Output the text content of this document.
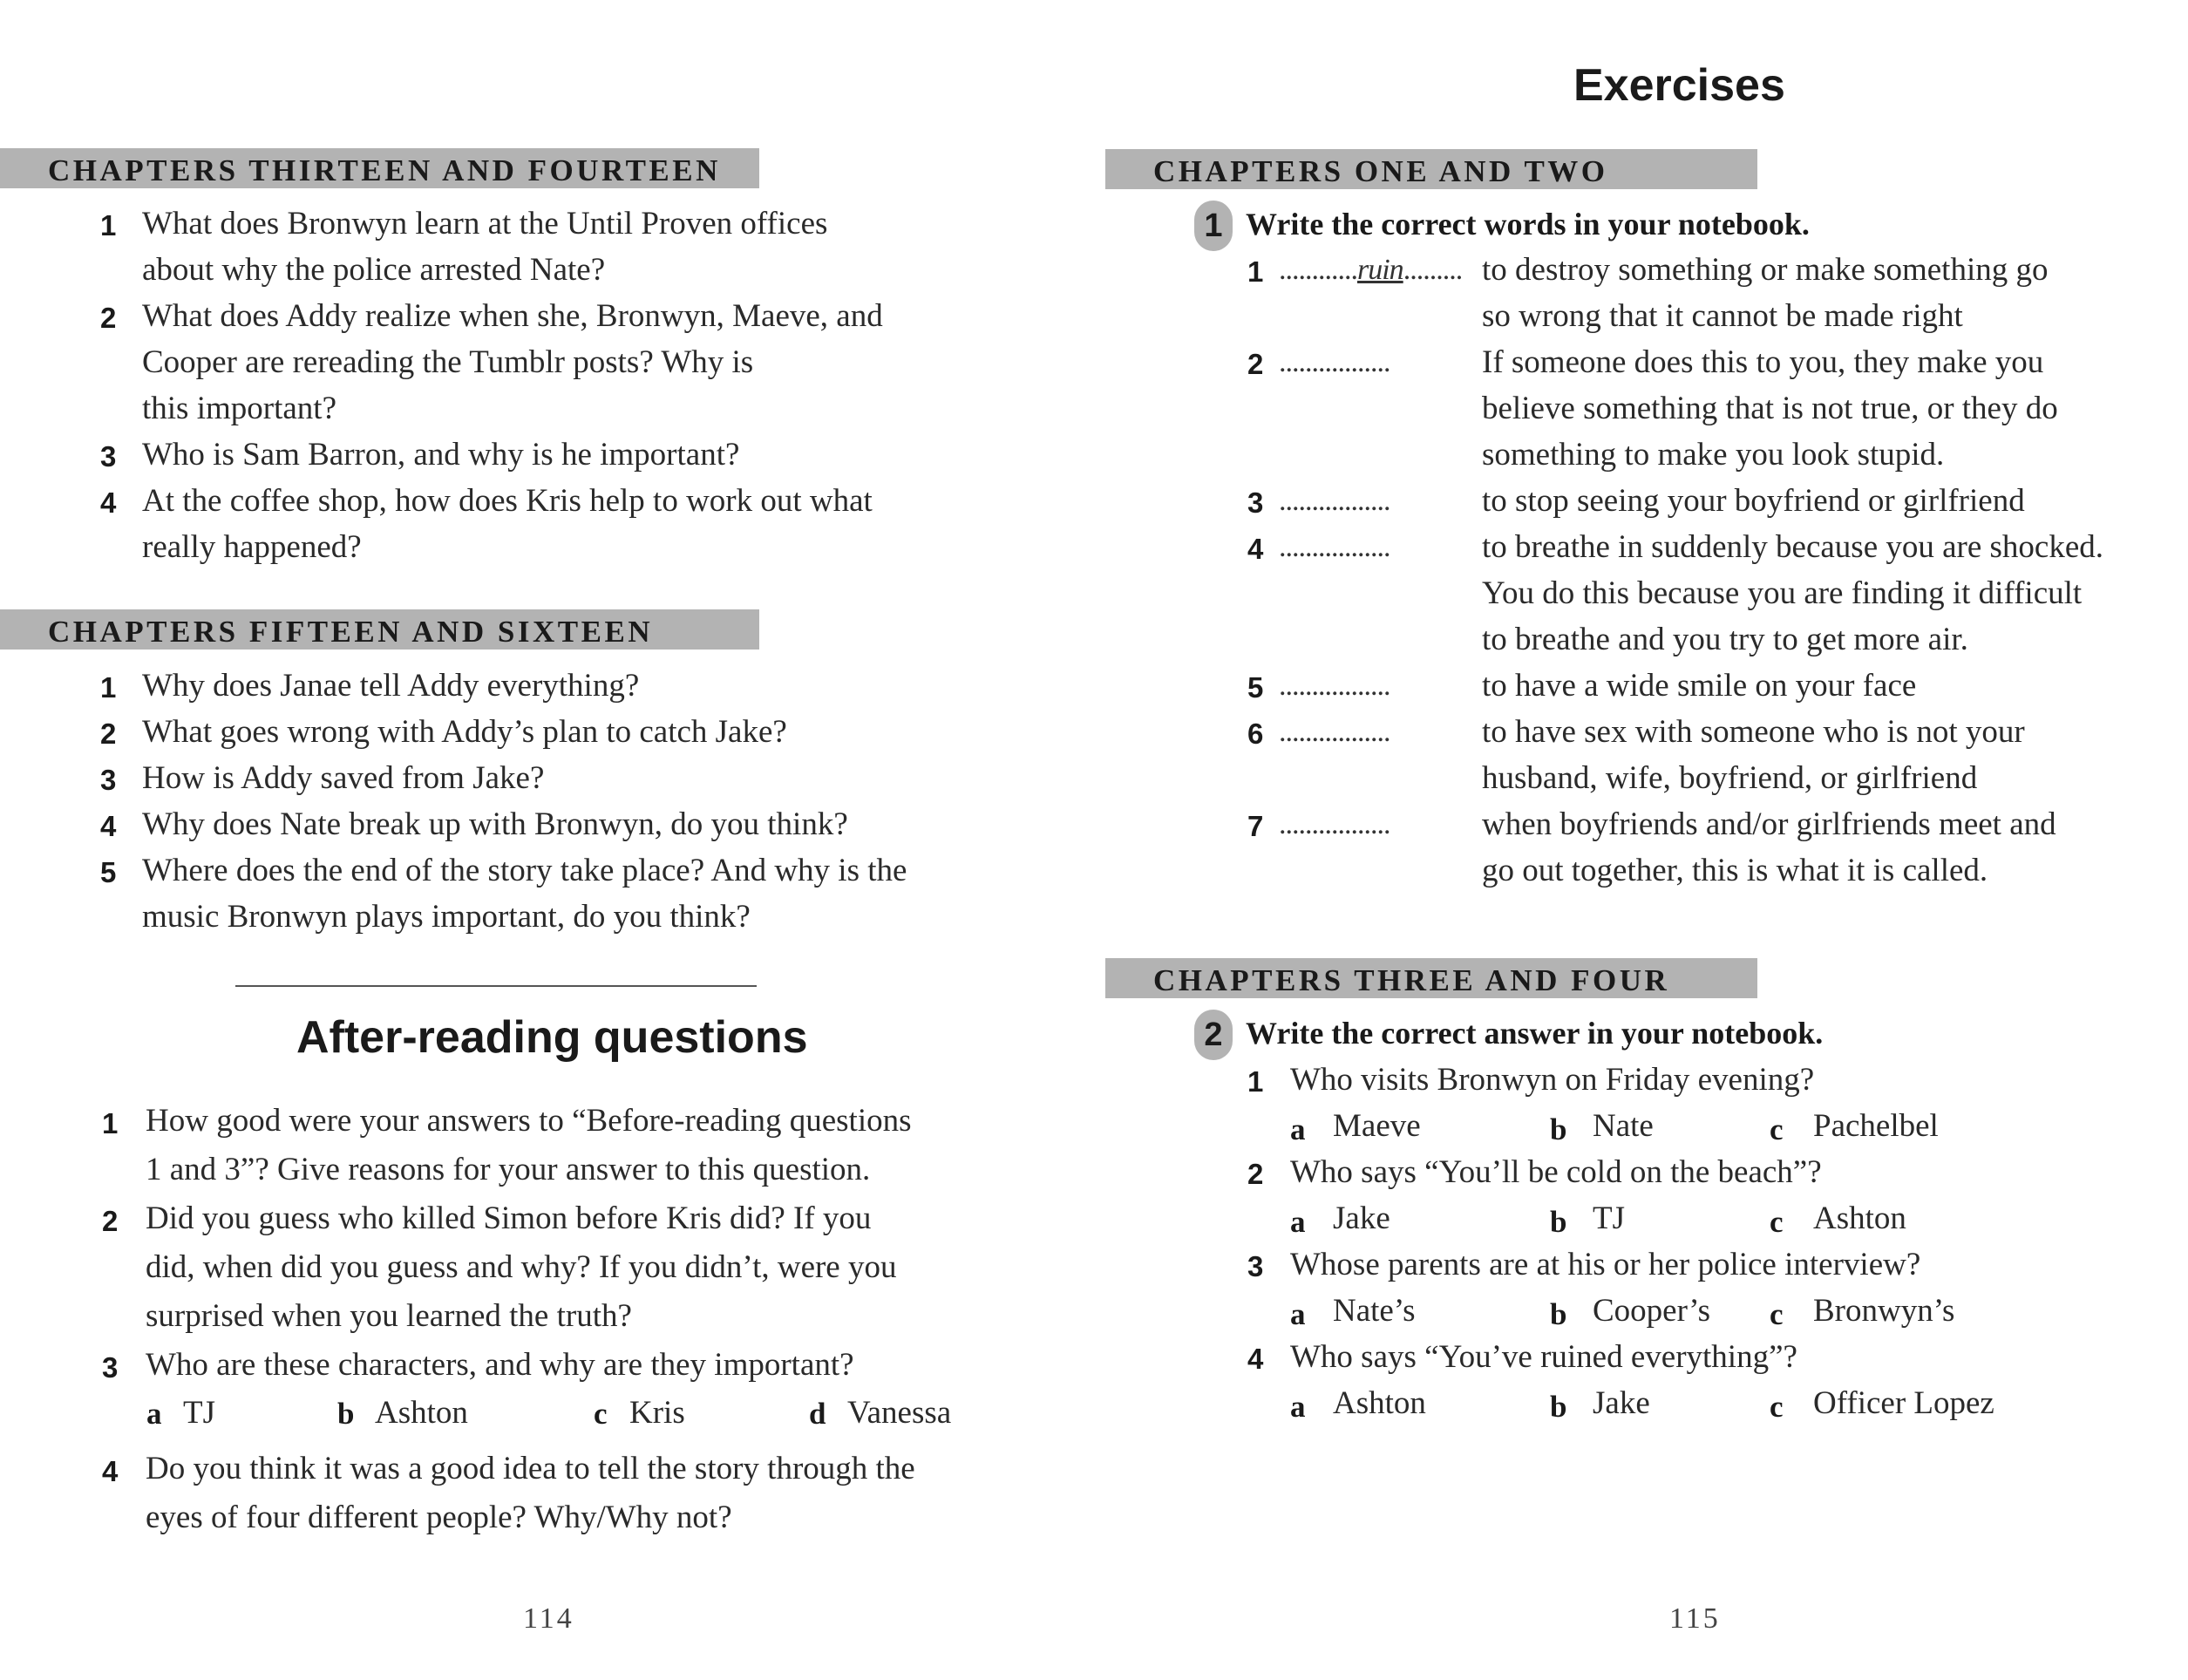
CHAPTERS THIRTEEN AND FOURTEEN
1 What does Bronwyn learn at the Until Proven offices
about why the police arrested Nate?
2 What does Addy realize when she, Bronwyn, Maeve, and
Cooper are rereading the Tumblr posts? Why is
this important?
3 Who is Sam Barron, and why is he important?
4 At the coffee shop, how does Kris help to work out what
really happened?
CHAPTERS FIFTEEN AND SIXTEEN
1 Why does Janae tell Addy everything?
2 What goes wrong with Addy’s plan to catch Jake?
3 How is Addy saved from Jake?
4 Why does Nate break up with Bronwyn, do you think?
5 Where does the end of the story take place? And why is the
music Bronwyn plays important, do you think?
After-reading questions
1 How good were your answers to “Before-reading questions
1 and 3”? Give reasons for your answer to this question.
2 Did you guess who killed Simon before Kris did? If you
did, when did you guess and why? If you didn’t, were you
surprised when you learned the truth?
3 Who are these characters, and why are they important?
a TJ	b Ashton	c Kris	d Vanessa
4 Do you think it was a good idea to tell the story through the
eyes of four different people? Why/Why not?
114
Exercises
CHAPTERS ONE AND TWO
1 Write the correct words in your notebook.
1 ............ruin......... to destroy something or make something go
so wrong that it cannot be made right
2 .................	If someone does this to you, they make you
believe something that is not true, or they do
something to make you look stupid.
3 .................	to stop seeing your boyfriend or girlfriend
4 .................	to breathe in suddenly because you are shocked.
You do this because you are finding it difficult
to breathe and you try to get more air.
5 .................	to have a wide smile on your face
6 .................	to have sex with someone who is not your
husband, wife, boyfriend, or girlfriend
7 .................	when boyfriends and/or girlfriends meet and
go out together, this is what it is called.
CHAPTERS THREE AND FOUR
2 Write the correct answer in your notebook.
1 Who visits Bronwyn on Friday evening?
a Maeve	b Nate	c Pachelbel
2 Who says “You’ll be cold on the beach”?
a Jake	b TJ	c Ashton
3 Whose parents are at his or her police interview?
a Nate’s	b Cooper’s c Bronwyn’s
4 Who says “You’ve ruined everything”?
a Ashton	b Jake	c Officer Lopez
115
